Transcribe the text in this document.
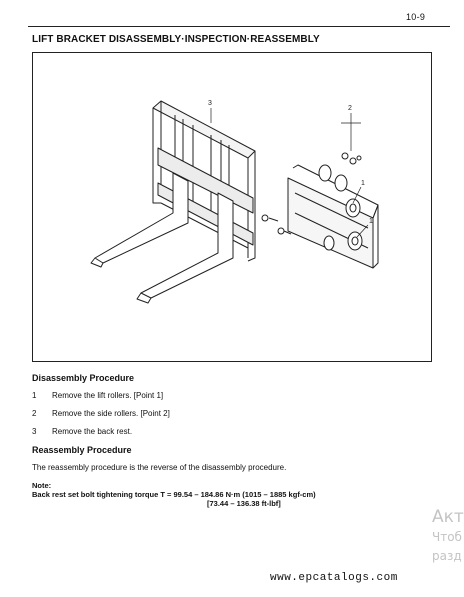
10-9
LIFT BRACKET DISASSEMBLY·INSPECTION·REASSEMBLY
3
2
1
1
Disassembly Procedure
1 Remove the lift rollers. [Point 1]
2 Remove the side rollers. [Point 2]
3 Remove the back rest.
Reassembly Procedure
The reassembly procedure is the reverse of the disassembly procedure.
Note:
Back rest set bolt tightening torque T = 99.54 – 184.86 N·m (1015 – 1885 kgf-cm)
[73.44 – 136.38 ft-lbf]
Акт
Чтоб
разд
www.epcatalogs.com
